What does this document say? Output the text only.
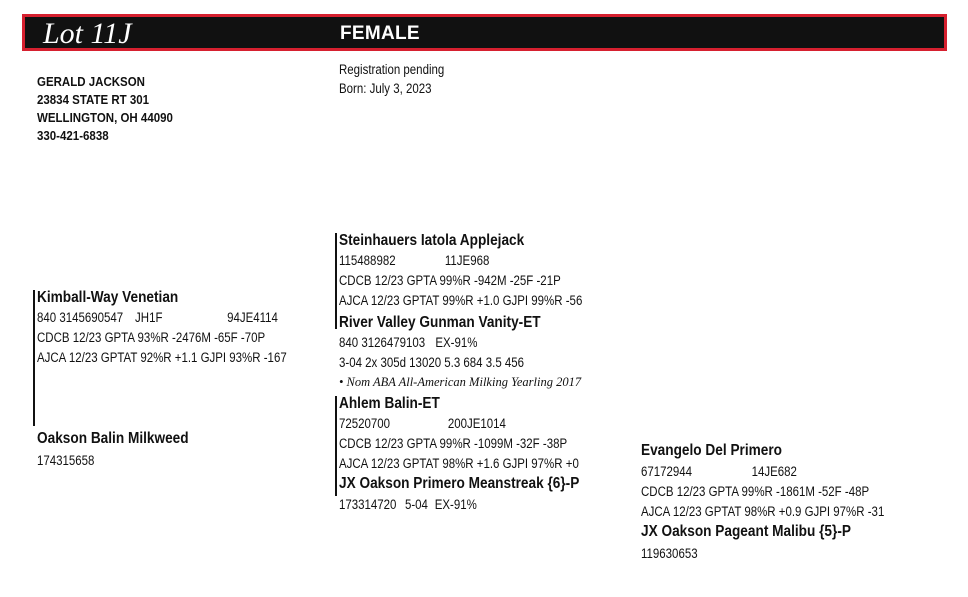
Lot 11J	FEMALE
GERALD JACKSON
23834 STATE RT 301
WELLINGTON, OH 44090
330-421-6838
Registration pending
Born: July 3, 2023
Kimball-Way Venetian
840 3145690547 JH1F	94JE4114
CDCB 12/23 GPTA 93%R -2476M -65F -70P
AJCA 12/23 GPTAT 92%R +1.1 GJPI 93%R -167
Steinhauers Iatola Applejack
115488982	11JE968
CDCB 12/23 GPTA 99%R -942M -25F -21P
AJCA 12/23 GPTAT 99%R +1.0 GJPI 99%R -56
River Valley Gunman Vanity-ET
840 3126479103 EX-91%
3-04 2x 305d 13020 5.3 684 3.5 456
• Nom ABA All-American Milking Yearling 2017
Ahlem Balin-ET
72520700	200JE1014
CDCB 12/23 GPTA 99%R -1099M -32F -38P
AJCA 12/23 GPTAT 98%R +1.6 GJPI 97%R +0
Oakson Balin Milkweed
174315658
JX Oakson Primero Meanstreak {6}-P
173314720 5-04 EX-91%
Evangelo Del Primero
67172944	14JE682
CDCB 12/23 GPTA 99%R -1861M -52F -48P
AJCA 12/23 GPTAT 98%R +0.9 GJPI 97%R -31
JX Oakson Pageant Malibu {5}-P
119630653
